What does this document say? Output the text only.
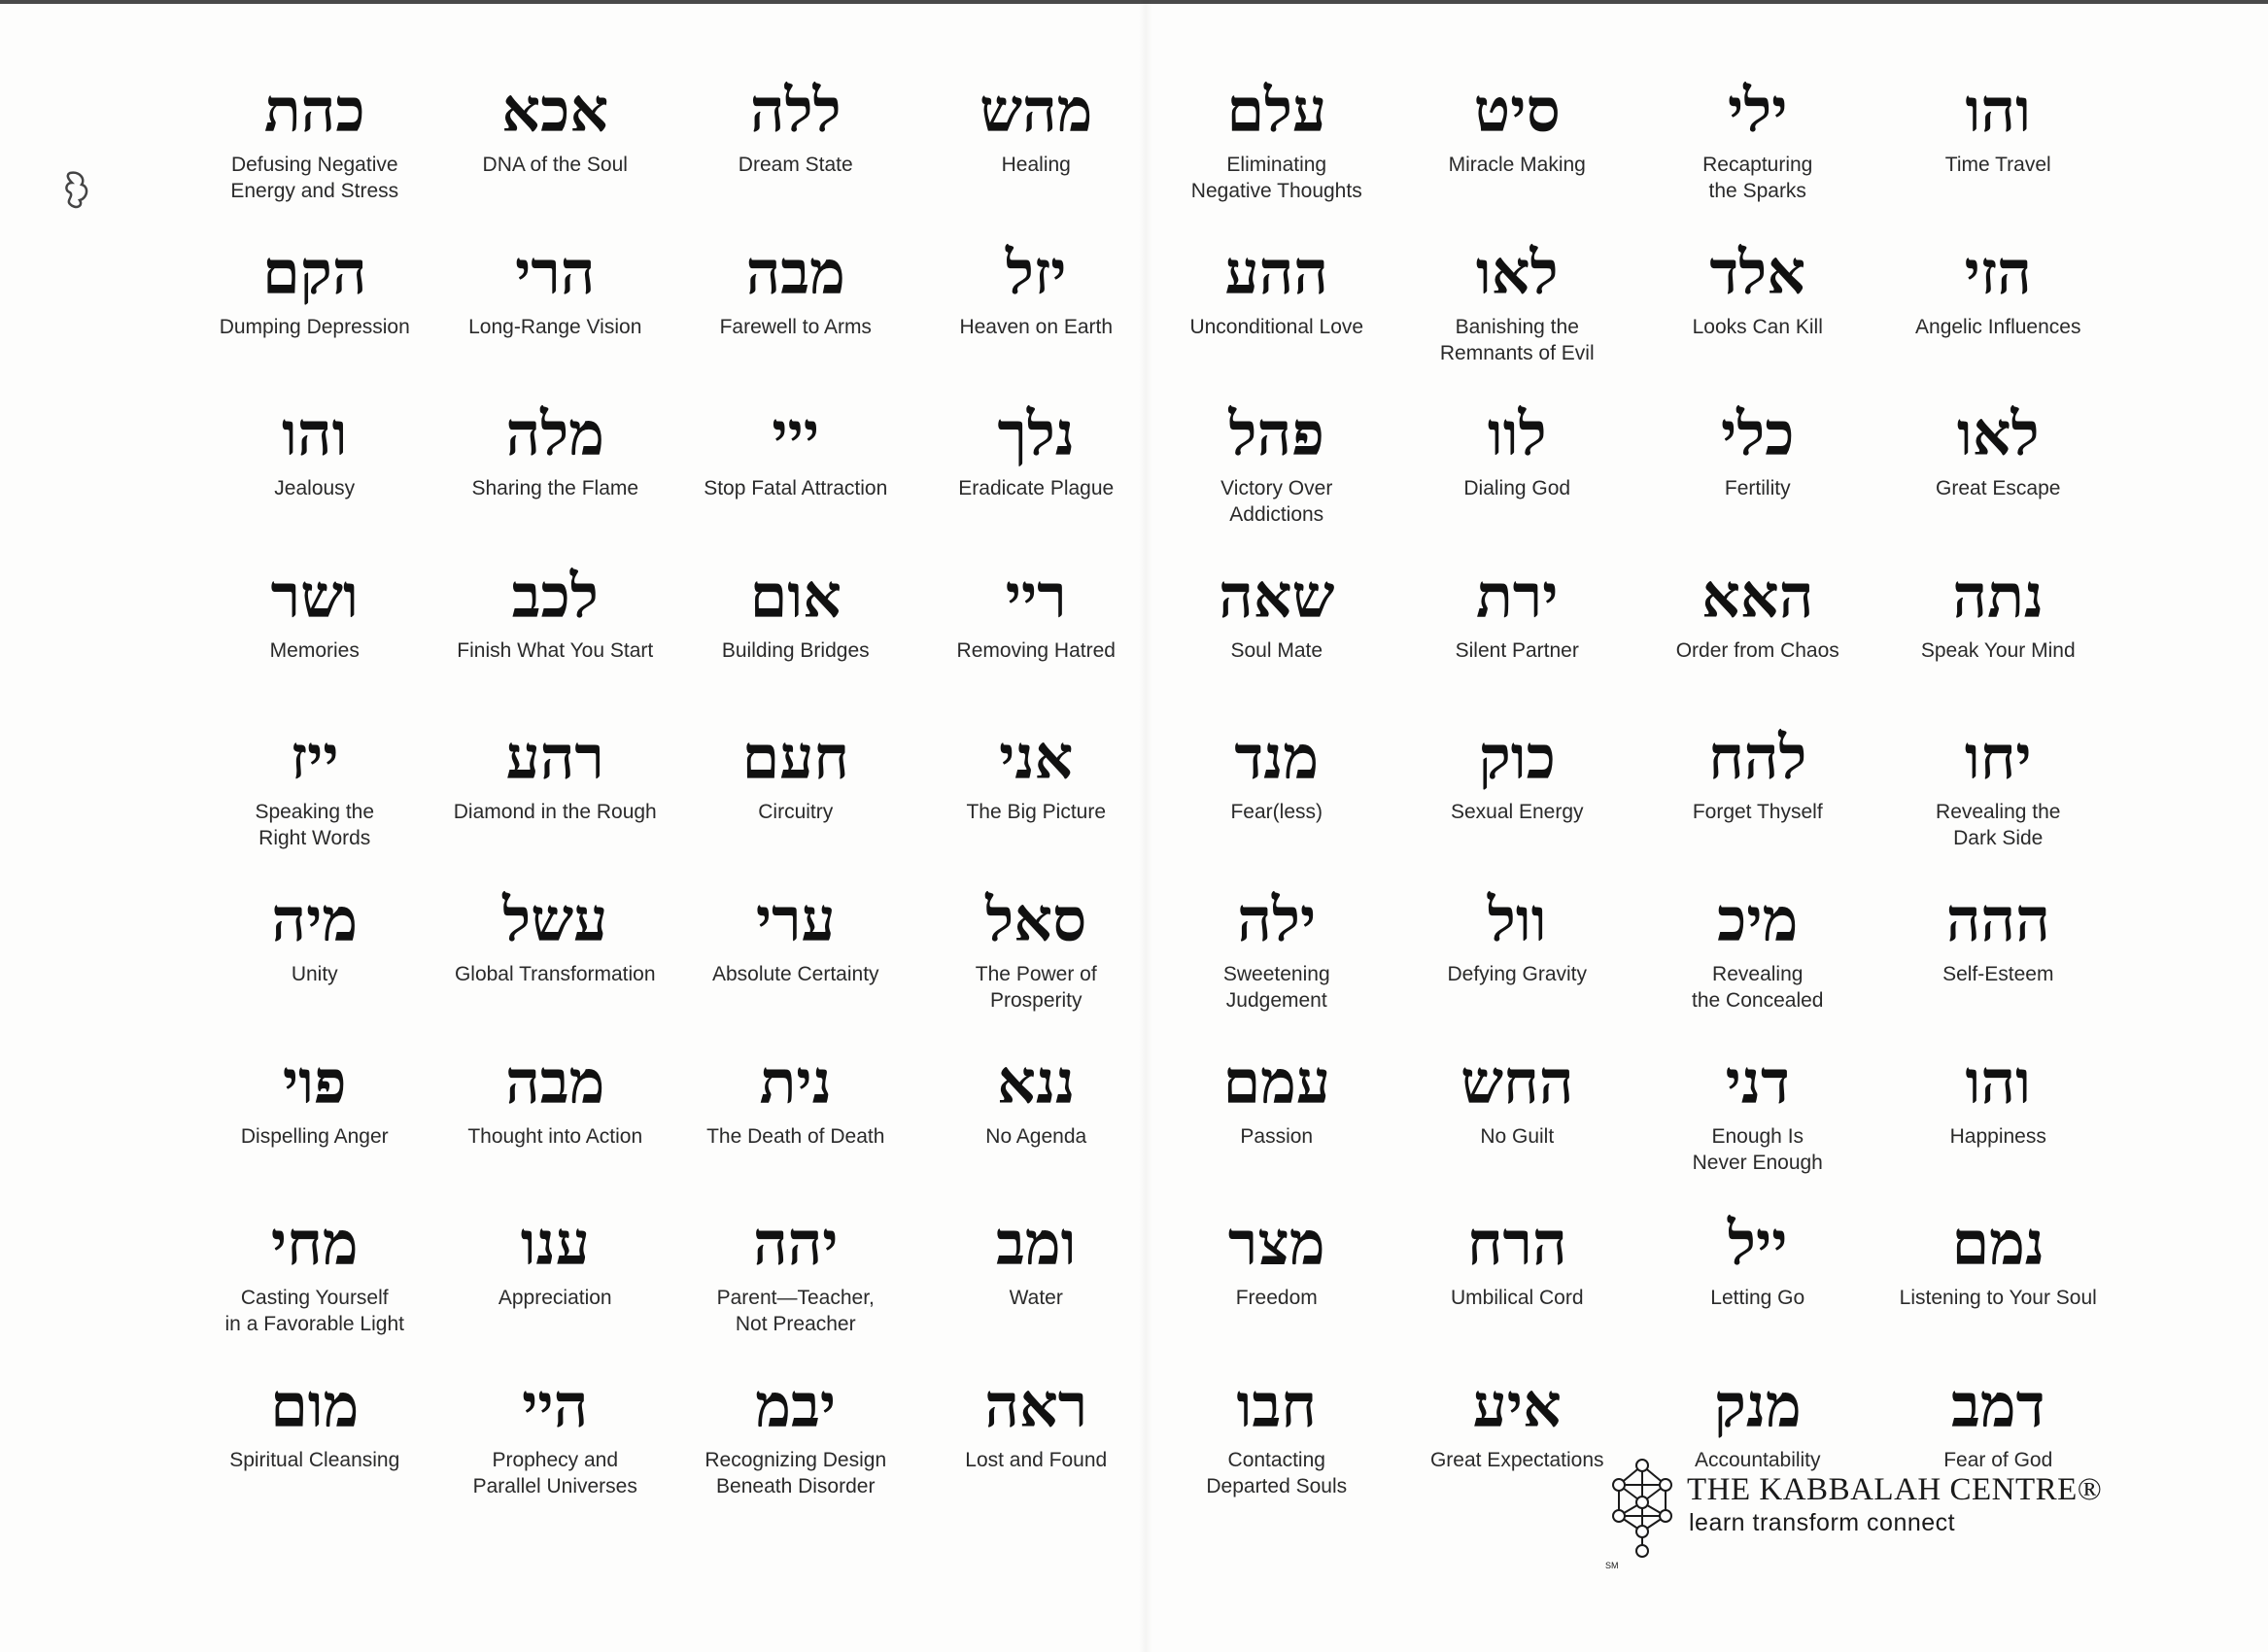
כהת
Defusing Negative
Energy and Stress
אכא
DNA of the Soul
ללה
Dream State
מהש
Healing
עלם
Eliminating
Negative Thoughts
סיט
Miracle Making
ילי
Recapturing
the Sparks
והו
Time Travel
הקם
Dumping Depression
הרי
Long-Range Vision
מבה
Farewell to Arms
יזל
Heaven on Earth
ההע
Unconditional Love
לאו
Banishing the
Remnants of Evil
אלד
Looks Can Kill
הזי
Angelic Influences
והו
Jealousy
מלה
Sharing the Flame
ייי
Stop Fatal Attraction
נלך
Eradicate Plague
פהל
Victory Over
Addictions
לוו
Dialing God
כלי
Fertility
לאו
Great Escape
ושר
Memories
לכב
Finish What You Start
אום
Building Bridges
ריי
Removing Hatred
שאה
Soul Mate
ירת
Silent Partner
האא
Order from Chaos
נתה
Speak Your Mind
ייז
Speaking the
Right Words
רהע
Diamond in the Rough
חעם
Circuitry
אני
The Big Picture
מנד
Fear(less)
כוק
Sexual Energy
להח
Forget Thyself
יחו
Revealing the
Dark Side
מיה
Unity
עשל
Global Transformation
ערי
Absolute Certainty
סאל
The Power of
Prosperity
ילה
Sweetening
Judgement
וול
Defying Gravity
מיכ
Revealing
the Concealed
ההה
Self-Esteem
פוי
Dispelling Anger
מבה
Thought into Action
נית
The Death of Death
ננא
No Agenda
עמם
Passion
החש
No Guilt
דני
Enough Is
Never Enough
והו
Happiness
מחי
Casting Yourself
in a Favorable Light
ענו
Appreciation
יהה
Parent—Teacher,
Not Preacher
ומב
Water
מצר
Freedom
הרח
Umbilical Cord
ייל
Letting Go
נמם
Listening to Your Soul
מום
Spiritual Cleansing
היי
Prophecy and
Parallel Universes
יבמ
Recognizing Design
Beneath Disorder
ראה
Lost and Found
חבו
Contacting
Departed Souls
איע
Great Expectations
מנק
Accountability
דמב
Fear of God
SM
THE KABBALAH CENTRE®
learn transform connect
